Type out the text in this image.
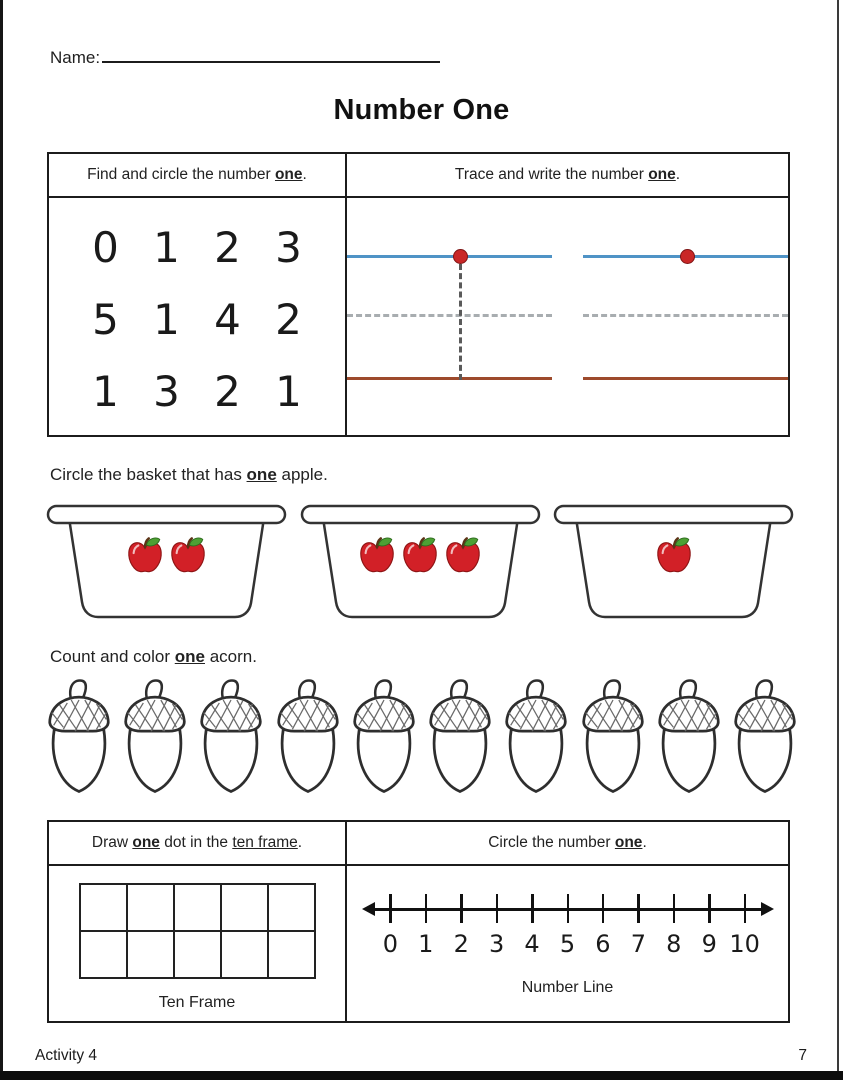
Name:
Number One
Find and circle the number one.	Trace and write the number one.
0 1 2 3
5 1 4 2
1 3 2 1
Circle the basket that has one apple.
Count and color one acorn.
Draw one dot in the ten frame.	Circle the number one.
Ten Frame
0 1 2 3 4 5 6 7 8 9 10
Number Line
Activity 4	7
